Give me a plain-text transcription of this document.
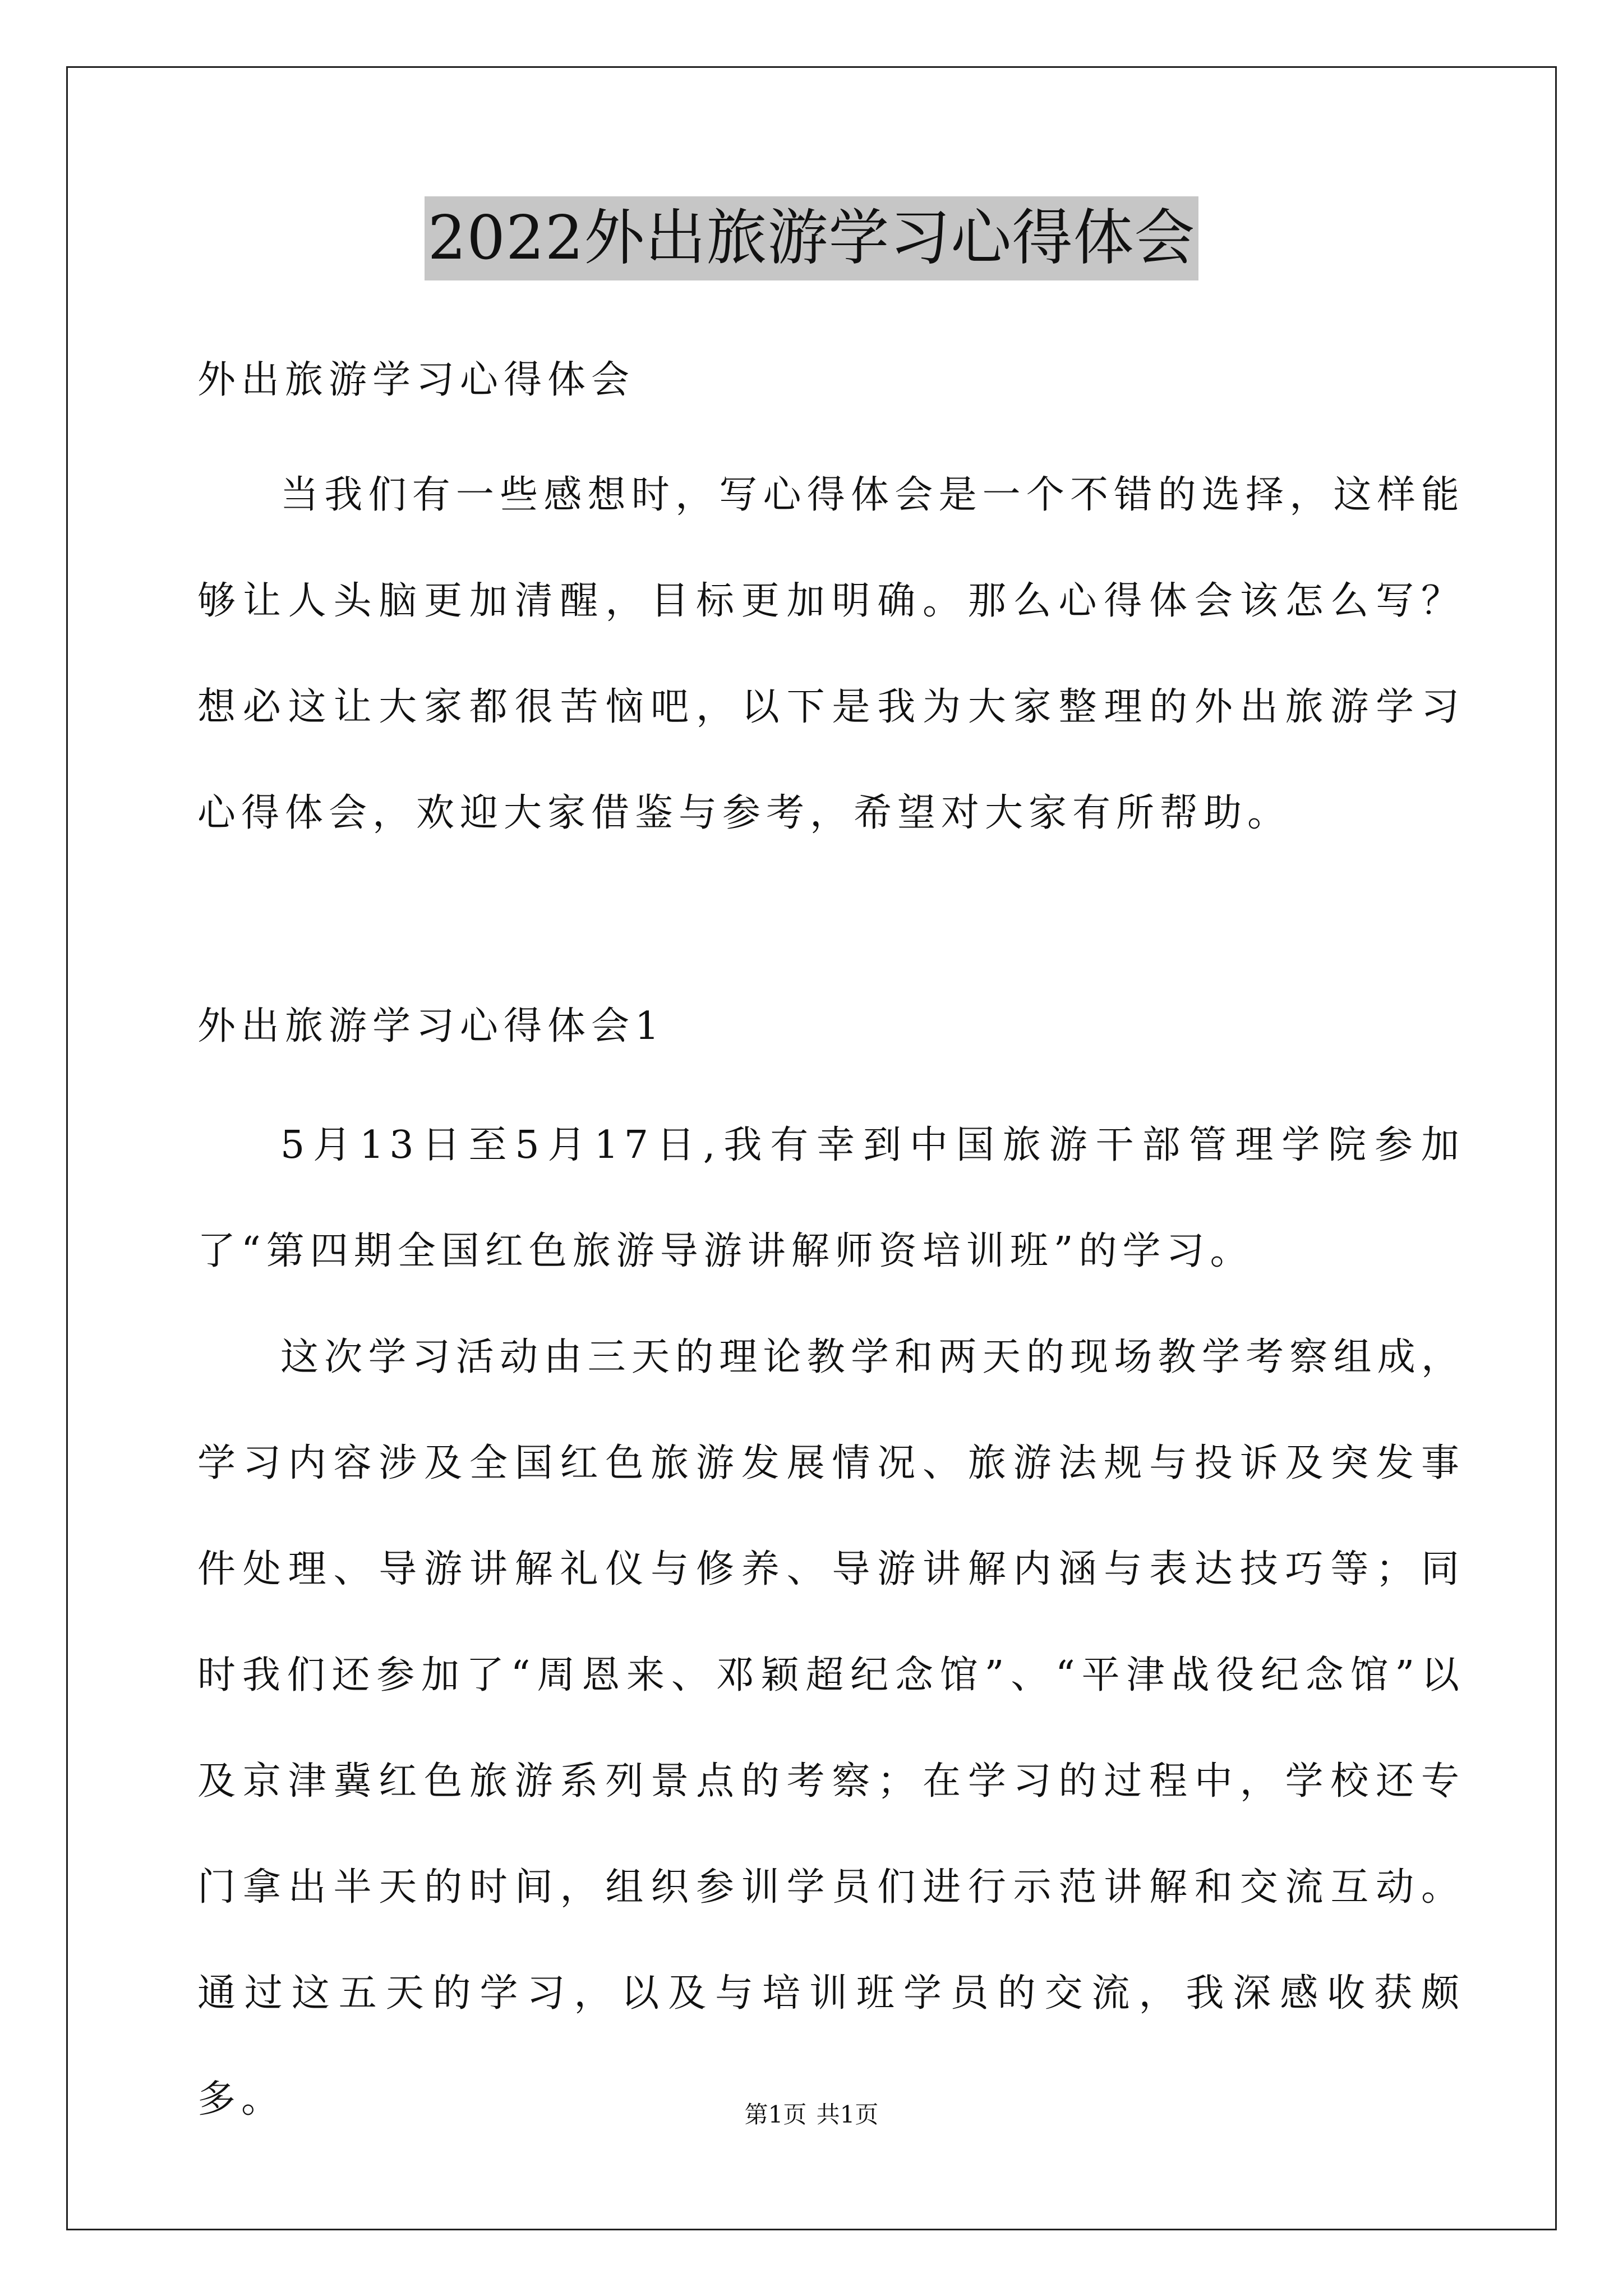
2022外出旅游学习心得体会

外出旅游学习心得体会

当我们有一些感想时，写心得体会是一个不错的选择，这样能够让人头脑更加清醒，目标更加明确。那么心得体会该怎么写？想必这让大家都很苦恼吧，以下是我为大家整理的外出旅游学习心得体会，欢迎大家借鉴与参考，希望对大家有所帮助。

外出旅游学习心得体会1

5月13日至5月17日,我有幸到中国旅游干部管理学院参加了“第四期全国红色旅游导游讲解师资培训班”的学习。

这次学习活动由三天的理论教学和两天的现场教学考察组成，学习内容涉及全国红色旅游发展情况、旅游法规与投诉及突发事件处理、导游讲解礼仪与修养、导游讲解内涵与表达技巧等；同时我们还参加了“周恩来、邓颖超纪念馆”、“平津战役纪念馆”以及京津冀红色旅游系列景点的考察；在学习的过程中，学校还专门拿出半天的时间，组织参训学员们进行示范讲解和交流互动。通过这五天的学习，以及与培训班学员的交流，我深感收获颇多。	第1页 共1页
